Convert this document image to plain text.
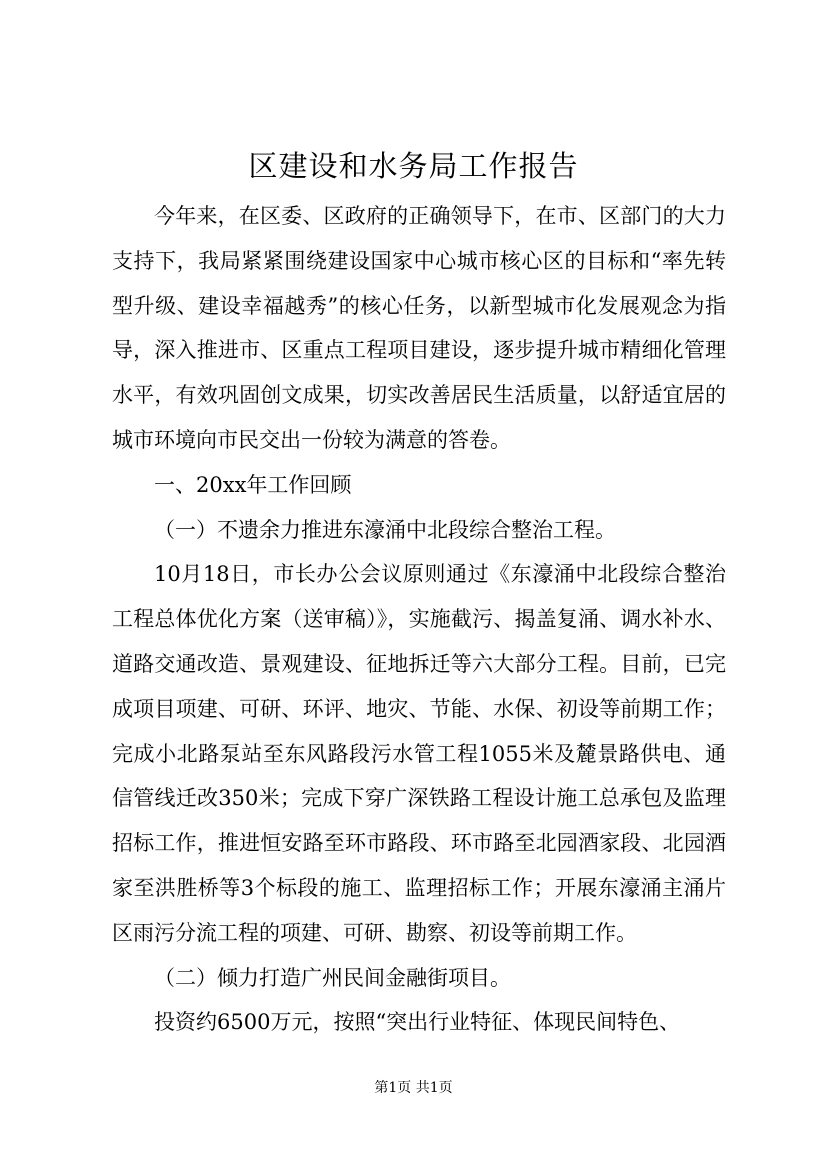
区建设和水务局工作报告

今年来，在区委、区政府的正确领导下，在市、区部门的大力支持下，我局紧紧围绕建设国家中心城市核心区的目标和“率先转型升级、建设幸福越秀”的核心任务，以新型城市化发展观念为指导，深入推进市、区重点工程项目建设，逐步提升城市精细化管理水平，有效巩固创文成果，切实改善居民生活质量，以舒适宜居的城市环境向市民交出一份较为满意的答卷。

一、20xx年工作回顾

（一）不遗余力推进东濠涌中北段综合整治工程。

10月18日，市长办公会议原则通过《东濠涌中北段综合整治工程总体优化方案（送审稿）》，实施截污、揭盖复涌、调水补水、道路交通改造、景观建设、征地拆迁等六大部分工程。目前，已完成项目项建、可研、环评、地灾、节能、水保、初设等前期工作；完成小北路泵站至东风路段污水管工程1055米及麓景路供电、通信管线迁改350米；完成下穿广深铁路工程设计施工总承包及监理招标工作，推进恒安路至环市路段、环市路至北园酒家段、北园酒家至洪胜桥等3个标段的施工、监理招标工作；开展东濠涌主涌片区雨污分流工程的项建、可研、勘察、初设等前期工作。

（二）倾力打造广州民间金融街项目。

投资约6500万元，按照“突出行业特征、体现民间特色、

第1页 共1页
